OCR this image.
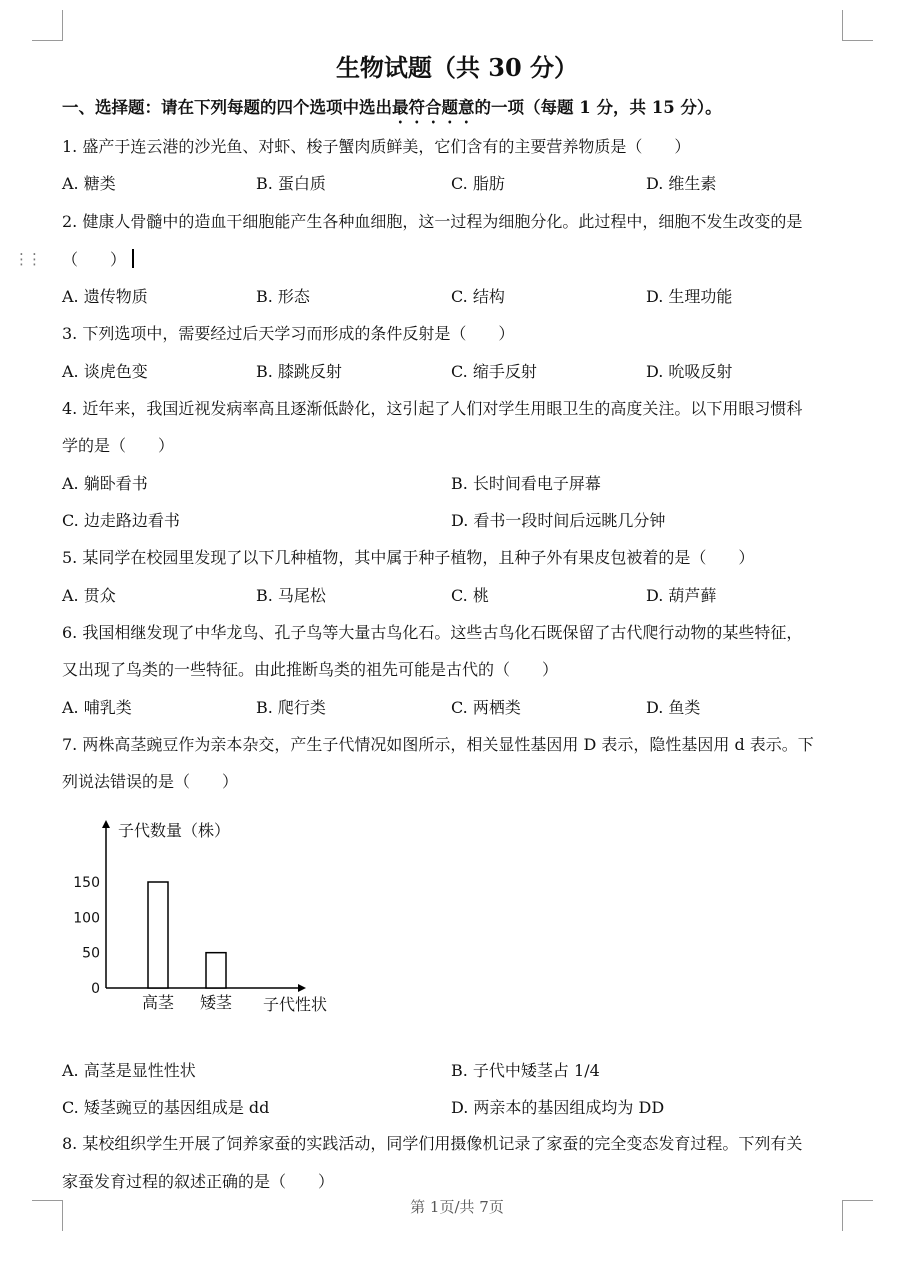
⋮⋮
生物试题（共 30 分）
一、选择题：请在下列每题的四个选项中选出最符合题意的一项（每题 1 分，共 15 分）。
1. 盛产于连云港的沙光鱼、对虾、梭子蟹肉质鲜美，它们含有的主要营养物质是（　　）
A. 糖类	B. 蛋白质	C. 脂肪	D. 维生素
2. 健康人骨髓中的造血干细胞能产生各种血细胞，这一过程为细胞分化。此过程中，细胞不发生改变的是
（　　）
A. 遗传物质	B. 形态	C. 结构	D. 生理功能
3. 下列选项中，需要经过后天学习而形成的条件反射是（　　）
A. 谈虎色变	B. 膝跳反射	C. 缩手反射	D. 吮吸反射
4. 近年来，我国近视发病率高且逐渐低龄化，这引起了人们对学生用眼卫生的高度关注。以下用眼习惯科
学的是（　　）
A. 躺卧看书	B. 长时间看电子屏幕
C. 边走路边看书	D. 看书一段时间后远眺几分钟
5. 某同学在校园里发现了以下几种植物，其中属于种子植物，且种子外有果皮包被着的是（　　）
A. 贯众	B. 马尾松	C. 桃	D. 葫芦藓
6. 我国相继发现了中华龙鸟、孔子鸟等大量古鸟化石。这些古鸟化石既保留了古代爬行动物的某些特征，
又出现了鸟类的一些特征。由此推断鸟类的祖先可能是古代的（　　）
A. 哺乳类	B. 爬行类	C. 两栖类	D. 鱼类
7. 两株高茎豌豆作为亲本杂交，产生子代情况如图所示，相关显性基因用 D 表示，隐性基因用 d 表示。下
列说法错误的是（　　）
子代数量（株）
0
50
100
150
高茎 矮茎 子代性状
A. 高茎是显性性状	B. 子代中矮茎占 1/4
C. 矮茎豌豆的基因组成是 dd	D. 两亲本的基因组成均为 DD
8. 某校组织学生开展了饲养家蚕的实践活动，同学们用摄像机记录了家蚕的完全变态发育过程。下列有关
家蚕发育过程的叙述正确的是（　　）
第 1页/共 7页
